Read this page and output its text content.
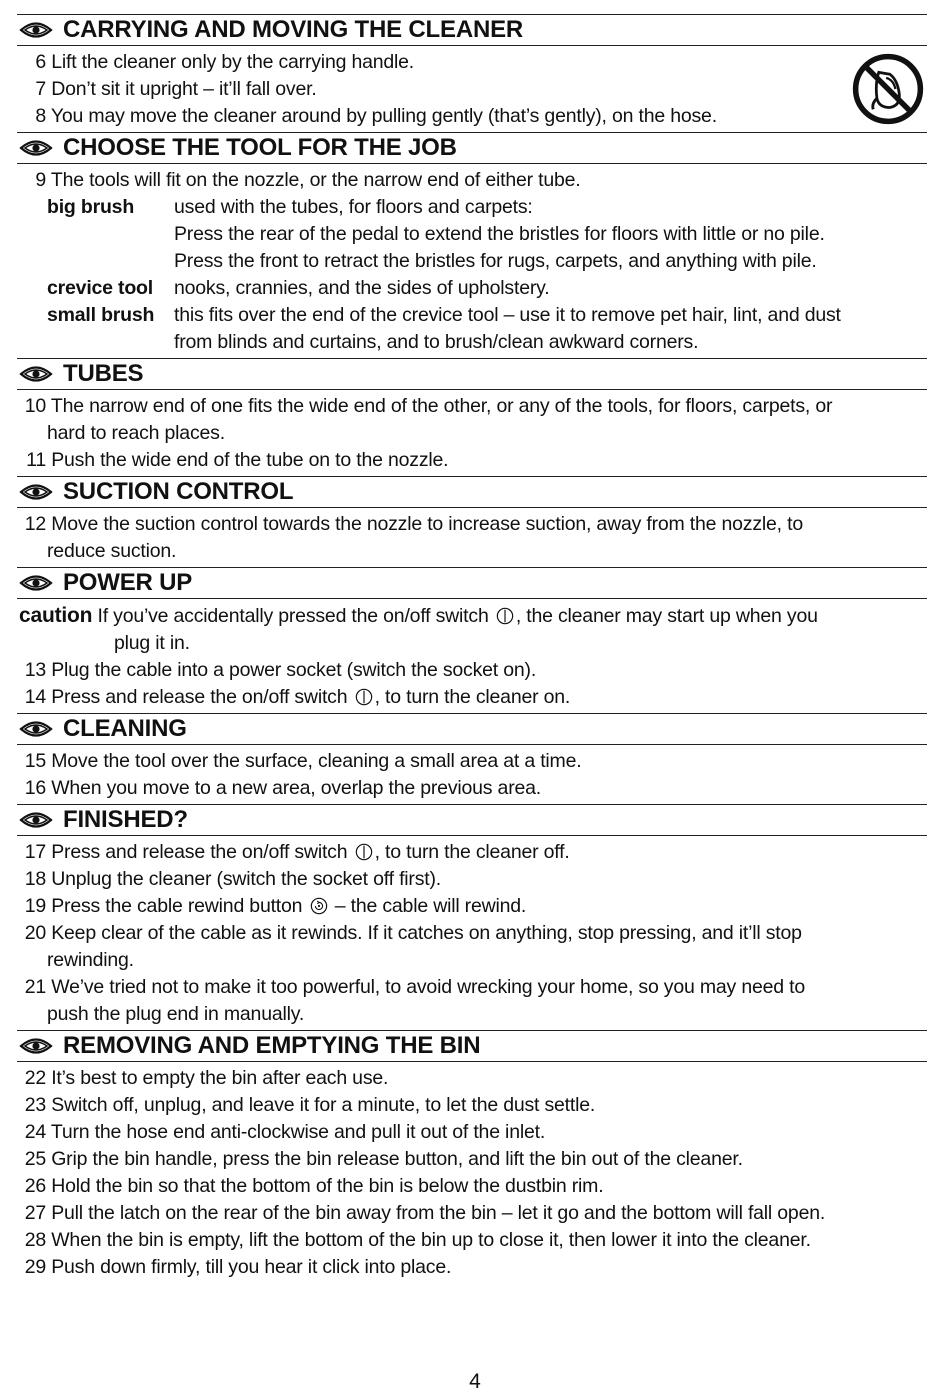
CARRYING AND MOVING THE CLEANER
6 Lift the cleaner only by the carrying handle.
7 Don’t sit it upright – it’ll fall over.
8 You may move the cleaner around by pulling gently (that’s gently), on the hose.
CHOOSE THE TOOL FOR THE JOB
9 The tools will fit on the nozzle, or the narrow end of either tube.
big brush used with the tubes, for floors and carpets:
Press the rear of the pedal to extend the bristles for floors with little or no pile.
Press the front to retract the bristles for rugs, carpets, and anything with pile.
crevice tool nooks, crannies, and the sides of upholstery.
small brush this fits over the end of the crevice tool – use it to remove pet hair, lint, and dust
from blinds and curtains, and to brush/clean awkward corners.
TUBES
10 The narrow end of one fits the wide end of the other, or any of the tools, for floors, carpets, or
hard to reach places.
11 Push the wide end of the tube on to the nozzle.
SUCTION CONTROL
12 Move the suction control towards the nozzle to increase suction, away from the nozzle, to
reduce suction.
POWER UP
caution If you’ve accidentally pressed the on/off switch , the cleaner may start up when you
plug it in.
13 Plug the cable into a power socket (switch the socket on).
14 Press and release the on/off switch , to turn the cleaner on.
CLEANING
15 Move the tool over the surface, cleaning a small area at a time.
16 When you move to a new area, overlap the previous area.
FINISHED?
17 Press and release the on/off switch , to turn the cleaner off.
18 Unplug the cleaner (switch the socket off first).
19 Press the cable rewind button  – the cable will rewind.
20 Keep clear of the cable as it rewinds. If it catches on anything, stop pressing, and it’ll stop
rewinding.
21 We’ve tried not to make it too powerful, to avoid wrecking your home, so you may need to
push the plug end in manually.
REMOVING AND EMPTYING THE BIN
22 It’s best to empty the bin after each use.
23 Switch off, unplug, and leave it for a minute, to let the dust settle.
24 Turn the hose end anti-clockwise and pull it out of the inlet.
25 Grip the bin handle, press the bin release button, and lift the bin out of the cleaner.
26 Hold the bin so that the bottom of the bin is below the dustbin rim.
27 Pull the latch on the rear of the bin away from the bin – let it go and the bottom will fall open.
28 When the bin is empty, lift the bottom of the bin up to close it, then lower it into the cleaner.
29 Push down firmly, till you hear it click into place.
4
